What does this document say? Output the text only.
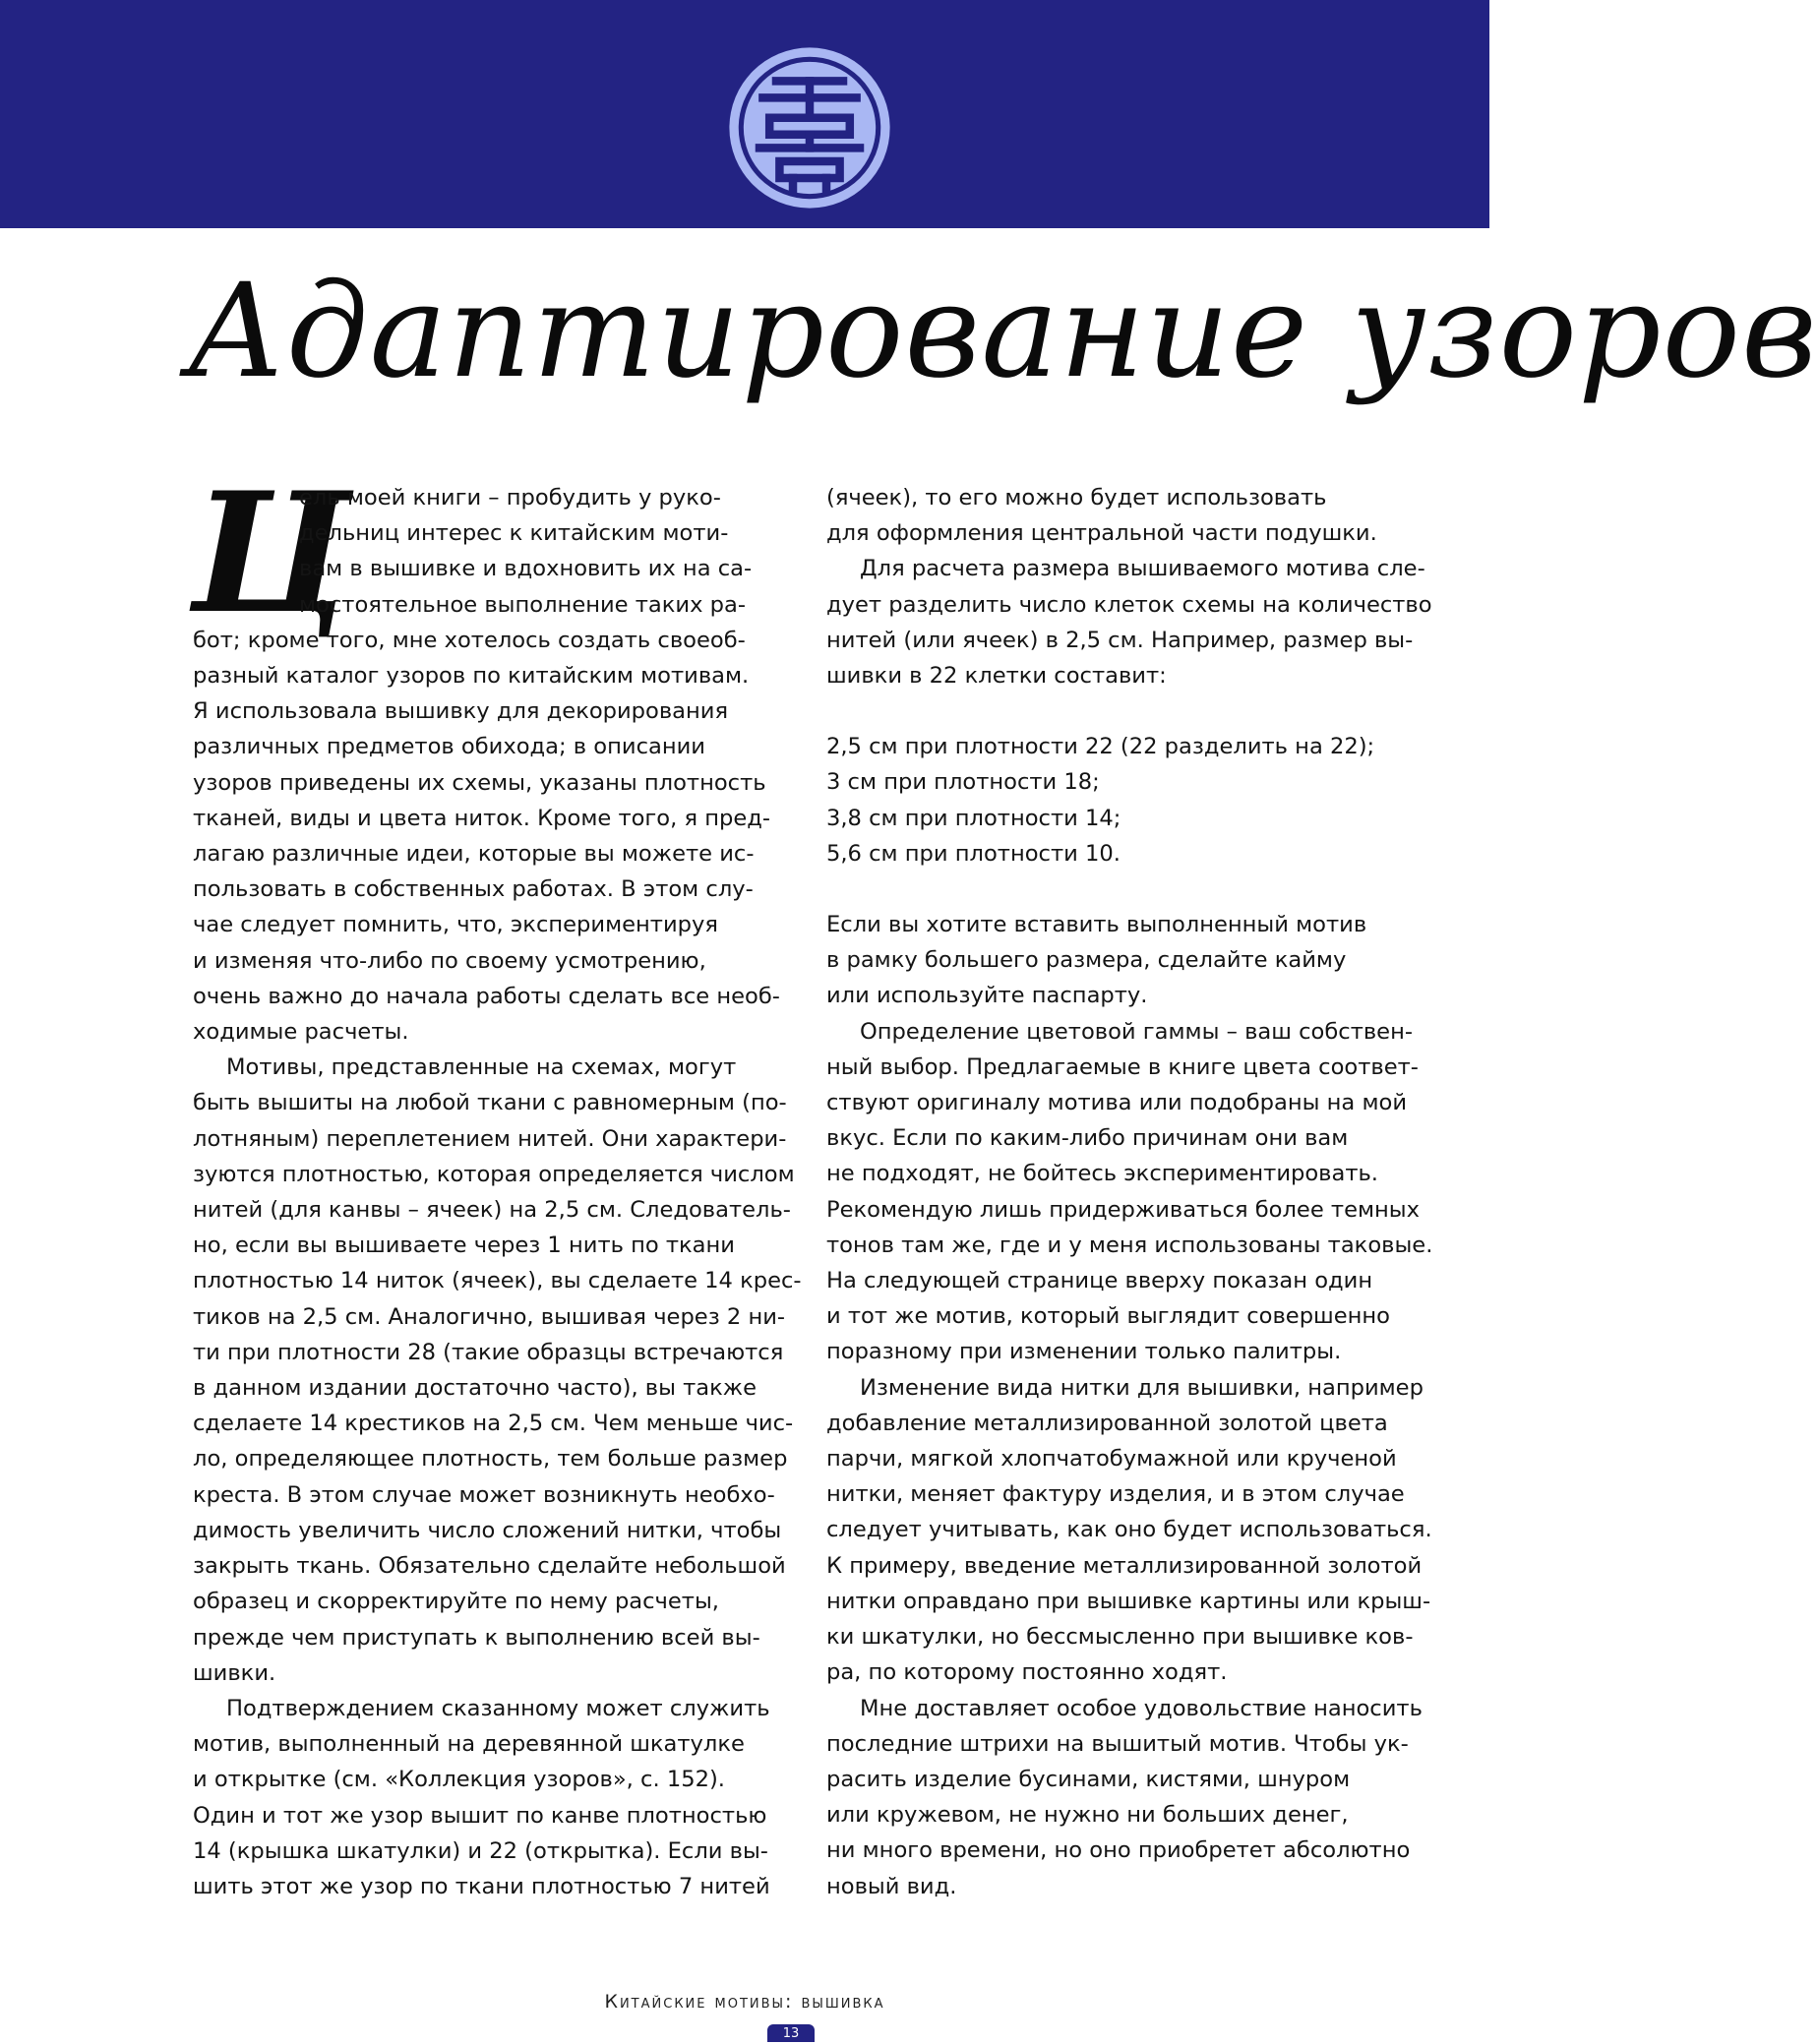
Адаптирование узоров
Ц

ель моей книги – пробудить у руко-

дельниц интерес к китайским моти-

вам в вышивке и вдохновить их на са-

мостоятельное выполнение таких ра-

бот; кроме того, мне хотелось создать своеоб-

разный каталог узоров по китайским мотивам.

Я использовала вышивку для декорирования

различных предметов обихода; в описании

узоров приведены их схемы, указаны плотность

тканей, виды и цвета ниток. Кроме того, я пред-

лагаю различные идеи, которые вы можете ис-

пользовать в собственных работах. В этом слу-

чае следует помнить, что, экспериментируя

и изменяя что-либо по своему усмотрению,

очень важно до начала работы сделать все необ-

ходимые расчеты.

Мотивы, представленные на схемах, могут

быть вышиты на любой ткани с равномерным (по-

лотняным) переплетением нитей. Они характери-

зуются плотностью, которая определяется числом

нитей (для канвы – ячеек) на 2,5 см. Следователь-

но, если вы вышиваете через 1 нить по ткани

плотностью 14 ниток (ячеек), вы сделаете 14 крес-

тиков на 2,5 см. Аналогично, вышивая через 2 ни-

ти при плотности 28 (такие образцы встречаются

в данном издании достаточно часто), вы также

сделаете 14 крестиков на 2,5 см. Чем меньше чис-

ло, определяющее плотность, тем больше размер

креста. В этом случае может возникнуть необхо-

димость увеличить число сложений нитки, чтобы

закрыть ткань. Обязательно сделайте небольшой

образец и скорректируйте по нему расчеты,

прежде чем приступать к выполнению всей вы-

шивки.

Подтверждением сказанному может служить

мотив, выполненный на деревянной шкатулке

и открытке (см. «Коллекция узоров», с. 152).

Один и тот же узор вышит по канве плотностью

14 (крышка шкатулки) и 22 (открытка). Если вы-

шить этот же узор по ткани плотностью 7 нитей

(ячеек), то его можно будет использовать

для оформления центральной части подушки.

Для расчета размера вышиваемого мотива сле-

дует разделить число клеток схемы на количество

нитей (или ячеек) в 2,5 см. Например, размер вы-

шивки в 22 клетки составит:

2,5 см при плотности 22 (22 разделить на 22);

3 см при плотности 18;

3,8 см при плотности 14;

5,6 см при плотности 10.

Если вы хотите вставить выполненный мотив

в рамку большего размера, сделайте кайму

или используйте паспарту.

Определение цветовой гаммы – ваш собствен-

ный выбор. Предлагаемые в книге цвета соответ-

ствуют оригиналу мотива или подобраны на мой

вкус. Если по каким-либо причинам они вам

не подходят, не бойтесь экспериментировать.

Рекомендую лишь придерживаться более темных

тонов там же, где и у меня использованы таковые.

На следующей странице вверху показан один

и тот же мотив, который выглядит совершенно

поразному при изменении только палитры.

Изменение вида нитки для вышивки, например

добавление металлизированной золотой цвета

парчи, мягкой хлопчатобумажной или крученой

нитки, меняет фактуру изделия, и в этом случае

следует учитывать, как оно будет использоваться.

К примеру, введение металлизированной золотой

нитки оправдано при вышивке картины или крыш-

ки шкатулки, но бессмысленно при вышивке ков-

ра, по которому постоянно ходят.

Мне доставляет особое удовольствие наносить

последние штрихи на вышитый мотив. Чтобы ук-

расить изделие бусинами, кистями, шнуром

или кружевом, не нужно ни больших денег,

ни много времени, но оно приобретет абсолютно

новый вид.

Китайские мотивы: вышивка
13
